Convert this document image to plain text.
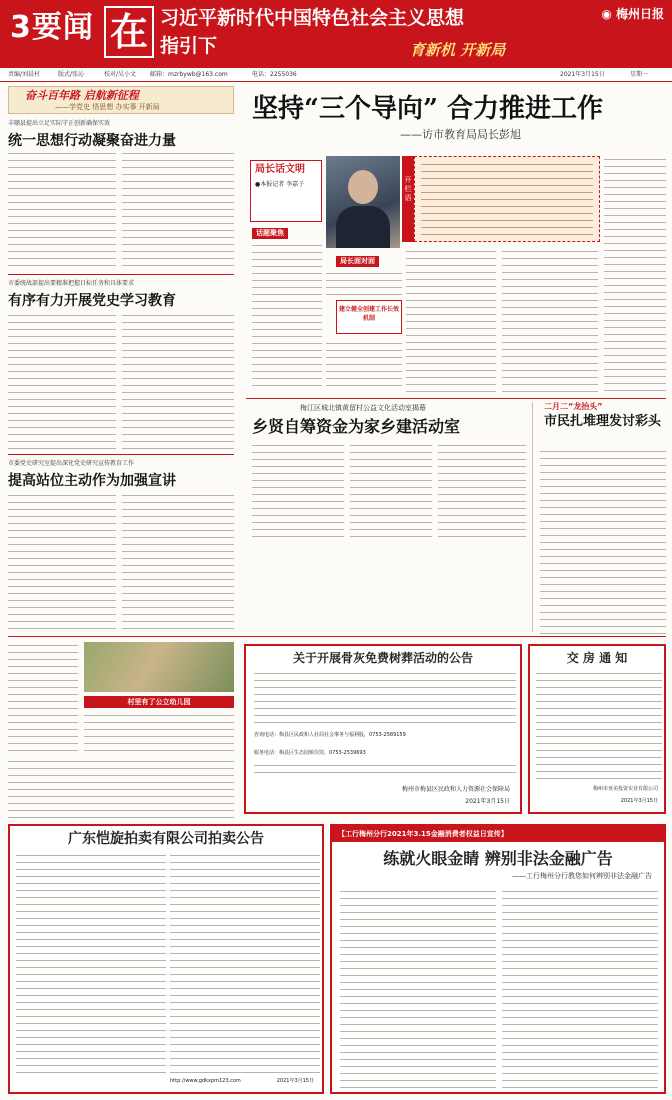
3要闻 在 习近平新时代中国特色社会主义思想
指引下	育新机 开新局
◉ 梅州日报
责编/刘晨村	版式/张沁	校对/吴小文 邮箱：mzrbywb@163.com	电话：2255036	2021年3月15日	星期一
奋斗百年路 启航新征程
——学党史 悟思想 办实事 开新局
丰顺县提出立足实际守正创新确保实效
统一思想行动凝聚奋进力量
市委统战部提出要精准把握目标任务和具体要求
有序有力开展党史学习教育
市委党史研究室提出深化党史研究宣传教育工作
提高站位主动作为加强宣讲
坚持“三个导向” 合力推进工作
——访市教育局局长彭旭
局长话文明
●本报记者 李嘉子
话题聚焦
开栏语
局长面对面
建立健全创建工作长效机制
梅江区城北镇黄留村公益文化活动室揭幕
乡贤自筹资金为家乡建活动室
二月二“龙抬头”
市民扎堆理发讨彩头
村里有了公立幼儿园
关于开展骨灰免费树葬活动的公告
咨询电话：梅县区民政和人社局社会事务与福利股，0753-2589159
服务电话：梅县区生态园殡仪馆，0753-2539693
梅州市梅县区民政和人力资源社会保障局
2021年3月15日
交 房 通 知
梅州市亚美投资实业有限公司
2021年3月15日
广东恺旋拍卖有限公司拍卖公告
http://www.gdkxpm123.com	2021年3月15日
【工行梅州分行2021年3.15金融消费者权益日宣传】
练就火眼金睛 辨别非法金融广告
——工行梅州分行教您如何辨别非法金融广告
